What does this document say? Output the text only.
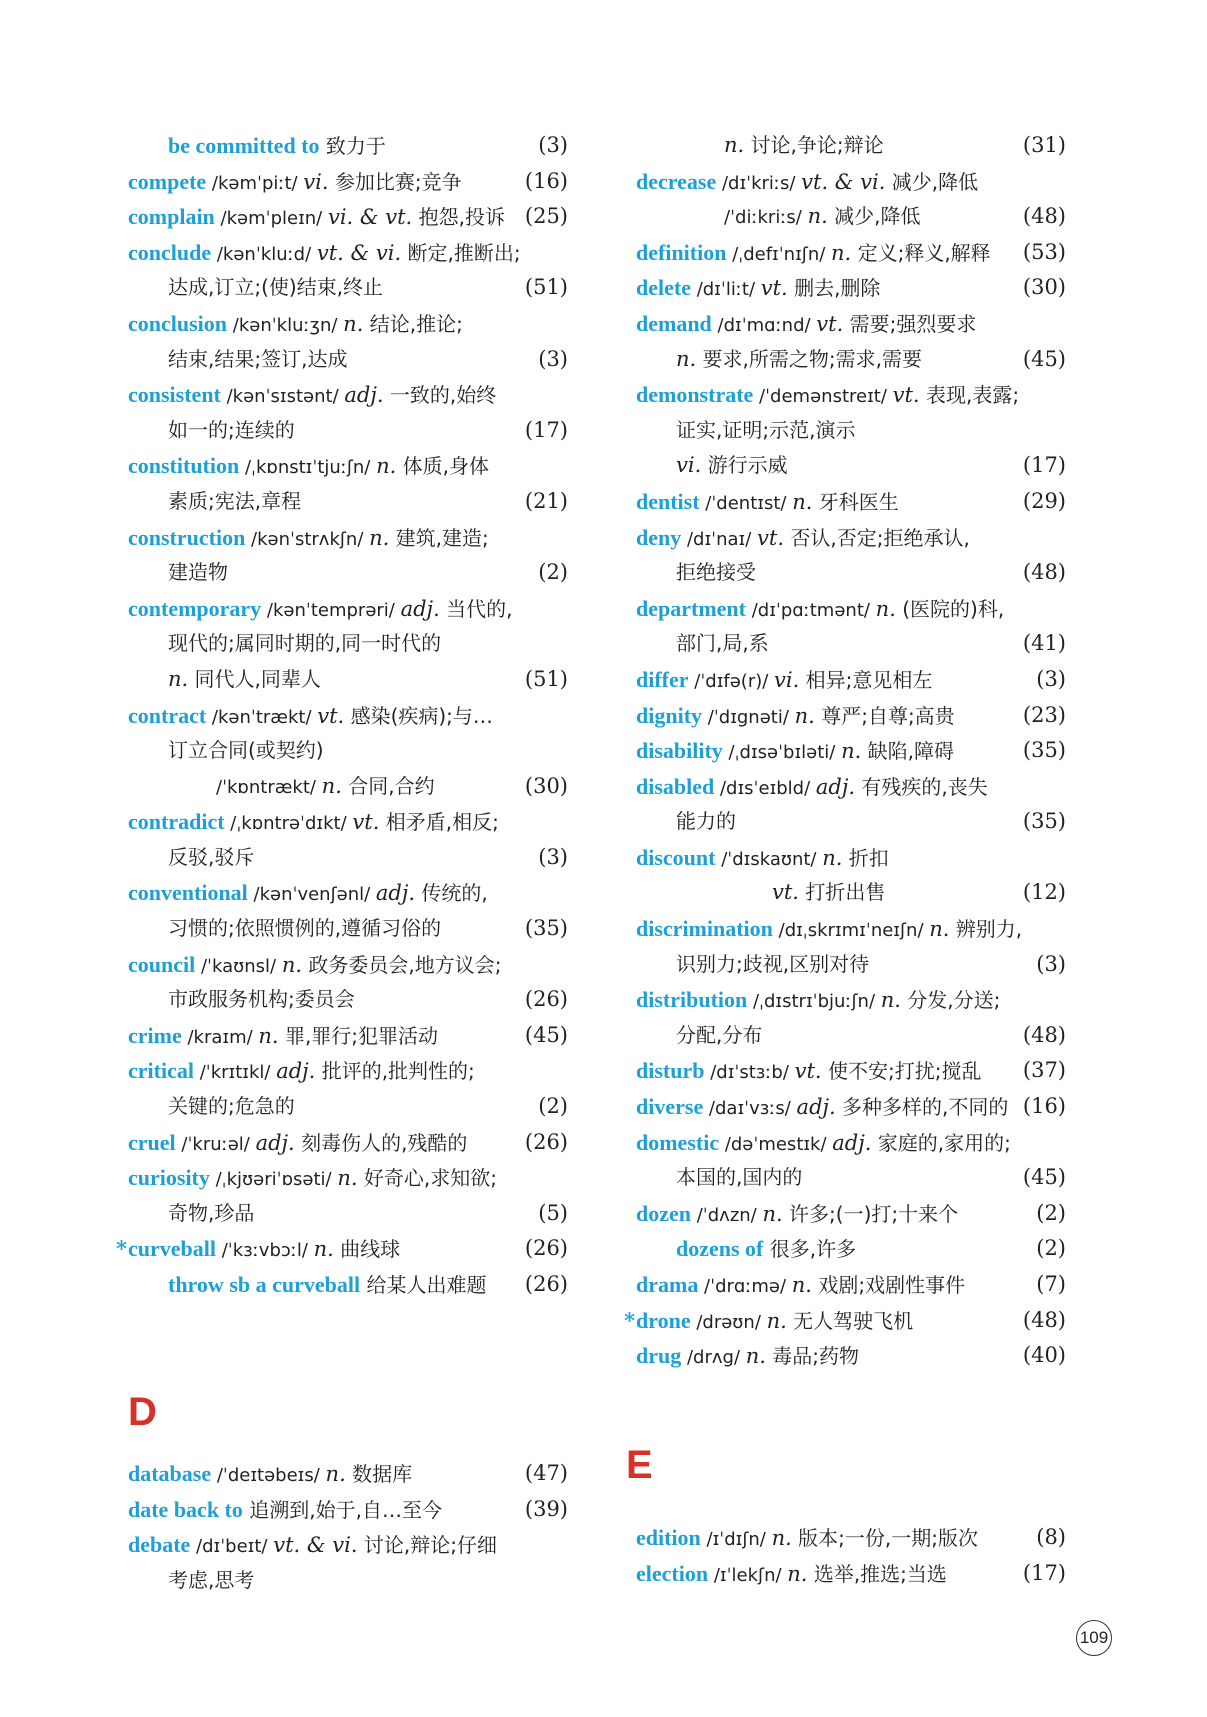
be committed to 致力于	(3)
compete /kəmˈpiːt/ vi. 参加比赛;竞争	(16)
complain /kəmˈpleɪn/ vi. & vt. 抱怨,投诉 (25)
conclude /kənˈkluːd/ vt. & vi. 断定,推断出;
达成,订立;(使)结束,终止	(51)
conclusion /kənˈkluːʒn/ n. 结论,推论;
结束,结果;签订,达成	(3)
consistent /kənˈsɪstənt/ adj. 一致的,始终
如一的;连续的	(17)
constitution /ˌkɒnstɪˈtjuːʃn/ n. 体质,身体
素质;宪法,章程	(21)
construction /kənˈstrʌkʃn/ n. 建筑,建造;
建造物	(2)
contemporary /kənˈtemprəri/ adj. 当代的,
现代的;属同时期的,同一时代的
n. 同代人,同辈人	(51)
contract /kənˈtrækt/ vt. 感染(疾病);与…
订立合同(或契约)
/ˈkɒntrækt/ n. 合同,合约	(30)
contradict /ˌkɒntrəˈdɪkt/ vt. 相矛盾,相反;
反驳,驳斥	(3)
conventional /kənˈvenʃənl/ adj. 传统的,
习惯的;依照惯例的,遵循习俗的	(35)
council /ˈkaʊnsl/ n. 政务委员会,地方议会;
市政服务机构;委员会	(26)
crime /kraɪm/ n. 罪,罪行;犯罪活动	(45)
critical /ˈkrɪtɪkl/ adj. 批评的,批判性的;
关键的;危急的	(2)
cruel /ˈkruːəl/ adj. 刻毒伤人的,残酷的	(26)
curiosity /ˌkjʊəriˈɒsəti/ n. 好奇心,求知欲;
奇物,珍品	(5)
* curveball /ˈkɜːvbɔːl/ n. 曲线球	(26)
throw sb a curveball 给某人出难题 (26)
D
database /ˈdeɪtəbeɪs/ n. 数据库	(47)
date back to 追溯到,始于,自…至今	(39)
debate /dɪˈbeɪt/ vt. & vi. 讨论,辩论;仔细
考虑,思考
n. 讨论,争论;辩论	(31)
decrease /dɪˈkriːs/ vt. & vi. 减少,降低
/ˈdiːkriːs/ n. 减少,降低	(48)
definition /ˌdefɪˈnɪʃn/ n. 定义;释义,解释 (53)
delete /dɪˈliːt/ vt. 删去,删除	(30)
demand /dɪˈmɑːnd/ vt. 需要;强烈要求
n. 要求,所需之物;需求,需要	(45)
demonstrate /ˈdemənstreɪt/ vt. 表现,表露;
证实,证明;示范,演示
vi. 游行示威	(17)
dentist /ˈdentɪst/ n. 牙科医生	(29)
deny /dɪˈnaɪ/ vt. 否认,否定;拒绝承认,
拒绝接受	(48)
department /dɪˈpɑːtmənt/ n. (医院的)科,
部门,局,系	(41)
differ /ˈdɪfə(r)/ vi. 相异;意见相左	(3)
dignity /ˈdɪgnəti/ n. 尊严;自尊;高贵	(23)
disability /ˌdɪsəˈbɪləti/ n. 缺陷,障碍	(35)
disabled /dɪsˈeɪbld/ adj. 有残疾的,丧失
能力的	(35)
discount /ˈdɪskaʊnt/ n. 折扣
vt. 打折出售	(12)
discrimination /dɪˌskrɪmɪˈneɪʃn/ n. 辨别力,
识别力;歧视,区别对待	(3)
distribution /ˌdɪstrɪˈbjuːʃn/ n. 分发,分送;
分配,分布	(48)
disturb /dɪˈstɜːb/ vt. 使不安;打扰;搅乱 (37)
diverse /daɪˈvɜːs/ adj. 多种多样的,不同的 (16)
domestic /dəˈmestɪk/ adj. 家庭的,家用的;
本国的,国内的	(45)
dozen /ˈdʌzn/ n. 许多;(一)打;十来个	(2)
dozens of 很多,许多	(2)
drama /ˈdrɑːmə/ n. 戏剧;戏剧性事件	(7)
* drone /drəʊn/ n. 无人驾驶飞机	(48)
drug /drʌg/ n. 毒品;药物	(40)
E
edition /ɪˈdɪʃn/ n. 版本;一份,一期;版次	(8)
election /ɪˈlekʃn/ n. 选举,推选;当选	(17)
109
